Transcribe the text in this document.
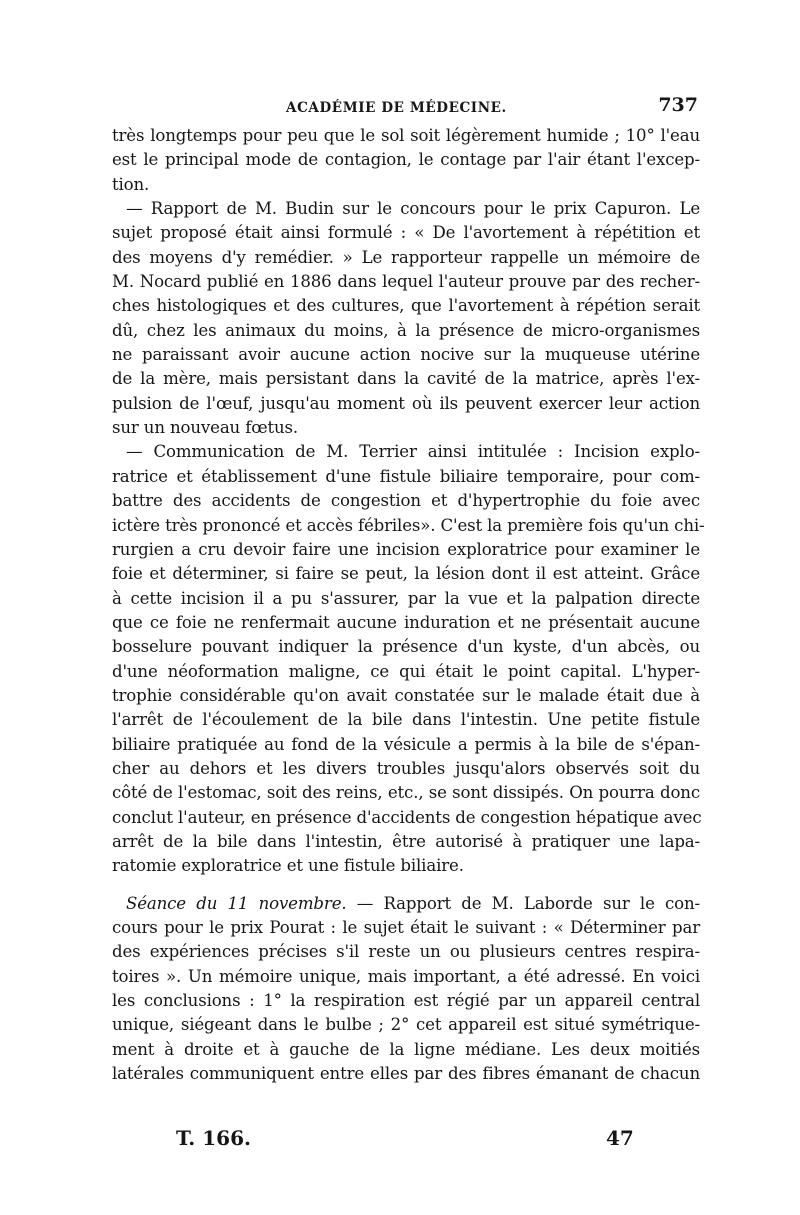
ACADÉMIE DE MÉDECINE.	737
très longtemps pour peu que le sol soit légèrement humide ; 10° l'eau
est le principal mode de contagion, le contage par l'air étant l'excep-
tion.
— Rapport de M. Budin sur le concours pour le prix Capuron. Le
sujet proposé était ainsi formulé : « De l'avortement à répétition et
des moyens d'y remédier. » Le rapporteur rappelle un mémoire de
M. Nocard publié en 1886 dans lequel l'auteur prouve par des recher-
ches histologiques et des cultures, que l'avortement à répétion serait
dû, chez les animaux du moins, à la présence de micro-organismes
ne paraissant avoir aucune action nocive sur la muqueuse utérine
de la mère, mais persistant dans la cavité de la matrice, après l'ex-
pulsion de l'œuf, jusqu'au moment où ils peuvent exercer leur action
sur un nouveau fœtus.
— Communication de M. Terrier ainsi intitulée : Incision explo-
ratrice et établissement d'une fistule biliaire temporaire, pour com-
battre des accidents de congestion et d'hypertrophie du foie avec
ictère très prononcé et accès fébriles». C'est la première fois qu'un chi-
rurgien a cru devoir faire une incision exploratrice pour examiner le
foie et déterminer, si faire se peut, la lésion dont il est atteint. Grâce
à cette incision il a pu s'assurer, par la vue et la palpation directe
que ce foie ne renfermait aucune induration et ne présentait aucune
bosselure pouvant indiquer la présence d'un kyste, d'un abcès, ou
d'une néoformation maligne, ce qui était le point capital. L'hyper-
trophie considérable qu'on avait constatée sur le malade était due à
l'arrêt de l'écoulement de la bile dans l'intestin. Une petite fistule
biliaire pratiquée au fond de la vésicule a permis à la bile de s'épan-
cher au dehors et les divers troubles jusqu'alors observés soit du
côté de l'estomac, soit des reins, etc., se sont dissipés. On pourra donc
conclut l'auteur, en présence d'accidents de congestion hépatique avec
arrêt de la bile dans l'intestin, être autorisé à pratiquer une lapa-
ratomie exploratrice et une fistule biliaire.
Séance du 11 novembre. — Rapport de M. Laborde sur le con-
cours pour le prix Pourat : le sujet était le suivant : « Déterminer par
des expériences précises s'il reste un ou plusieurs centres respira-
toires ». Un mémoire unique, mais important, a été adressé. En voici
les conclusions : 1° la respiration est régié par un appareil central
unique, siégeant dans le bulbe ; 2° cet appareil est situé symétrique-
ment à droite et à gauche de la ligne médiane. Les deux moitiés
latérales communiquent entre elles par des fibres émanant de chacun
T. 166.	47
